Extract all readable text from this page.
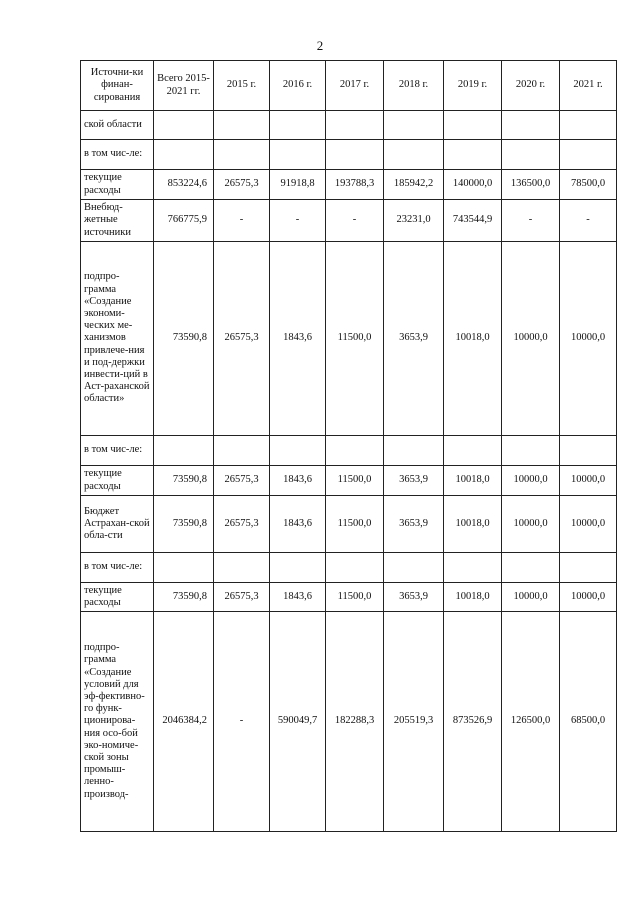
2
Источни-ки финан-сирования	Всего 2015-2021 гг.	2015 г.	2016 г.	2017 г.	2018 г.	2019 г.	2020 г.	2021 г.
ской области								
в том чис-ле:								
текущие расходы	853224,6	26575,3	91918,8	193788,3	185942,2	140000,0	136500,0	78500,0
Внебюд-жетные источники	766775,9	-	-	-	23231,0	743544,9	-	-
подпро-грамма «Создание экономи-ческих ме-ханизмов привлече-ния и под-держки инвести-ций в Аст-раханской области»	73590,8	26575,3	1843,6	11500,0	3653,9	10018,0	10000,0	10000,0
в том чис-ле:								
текущие расходы	73590,8	26575,3	1843,6	11500,0	3653,9	10018,0	10000,0	10000,0
Бюджет Астрахан-ской обла-сти	73590,8	26575,3	1843,6	11500,0	3653,9	10018,0	10000,0	10000,0
в том чис-ле:								
текущие расходы	73590,8	26575,3	1843,6	11500,0	3653,9	10018,0	10000,0	10000,0
подпро-грамма «Создание условий для эф-фективно-го функ-ционирова-ния осо-бой эко-номиче-ской зоны промыш-ленно-производ-	2046384,2	-	590049,7	182288,3	205519,3	873526,9	126500,0	68500,0
